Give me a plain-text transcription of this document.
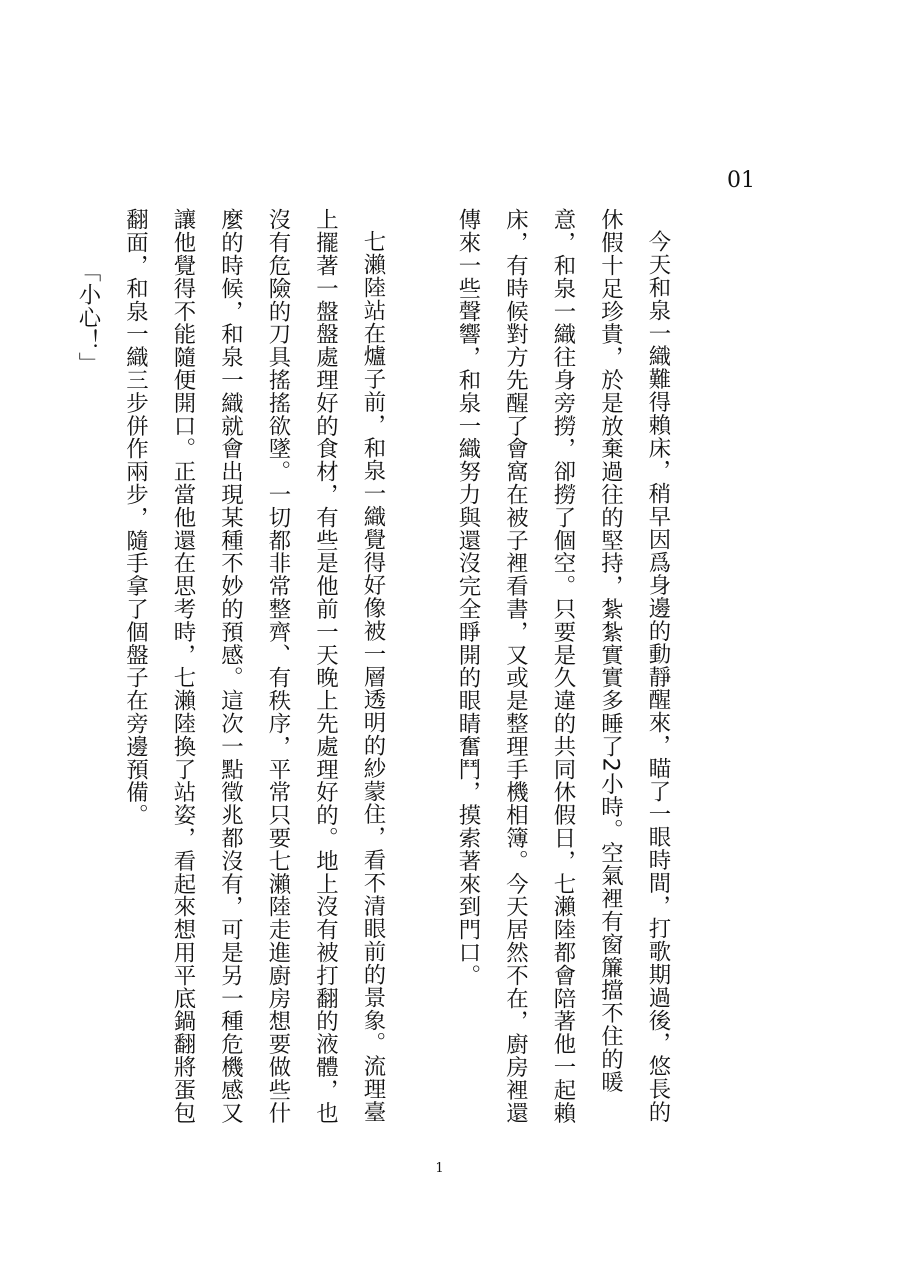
01

今天和泉一織難得賴床，稍早因爲身邊的動靜醒來，瞄了一眼時間，打歌期過後，悠長的休假十足珍貴，於是放棄過往的堅持，紮紮實實多睡了2小時。空氣裡有窗簾擋不住的暖意，和泉一織往身旁撈，卻撈了個空。只要是久違的共同休假日，七瀨陸都會陪著他一起賴床，有時候對方先醒了會窩在被子裡看書，又或是整理手機相簿。今天居然不在，廚房裡還傳來一些聲響，和泉一織努力與還沒完全睜開的眼睛奮鬥，摸索著來到門口。

七瀨陸站在爐子前，和泉一織覺得好像被一層透明的紗蒙住，看不清眼前的景象。流理臺上擺著一盤盤處理好的食材，有些是他前一天晚上先處理好的。地上沒有被打翻的液體，也沒有危險的刀具搖搖欲墜。一切都非常整齊、有秩序，平常只要七瀨陸走進廚房想要做些什麼的時候，和泉一織就會出現某種不妙的預感。這次一點徵兆都沒有，可是另一種危機感又讓他覺得不能隨便開口。正當他還在思考時，七瀨陸換了站姿，看起來想用平底鍋翻將蛋包翻面，和泉一織三步併作兩步，隨手拿了個盤子在旁邊預備。

「小心！」

1
